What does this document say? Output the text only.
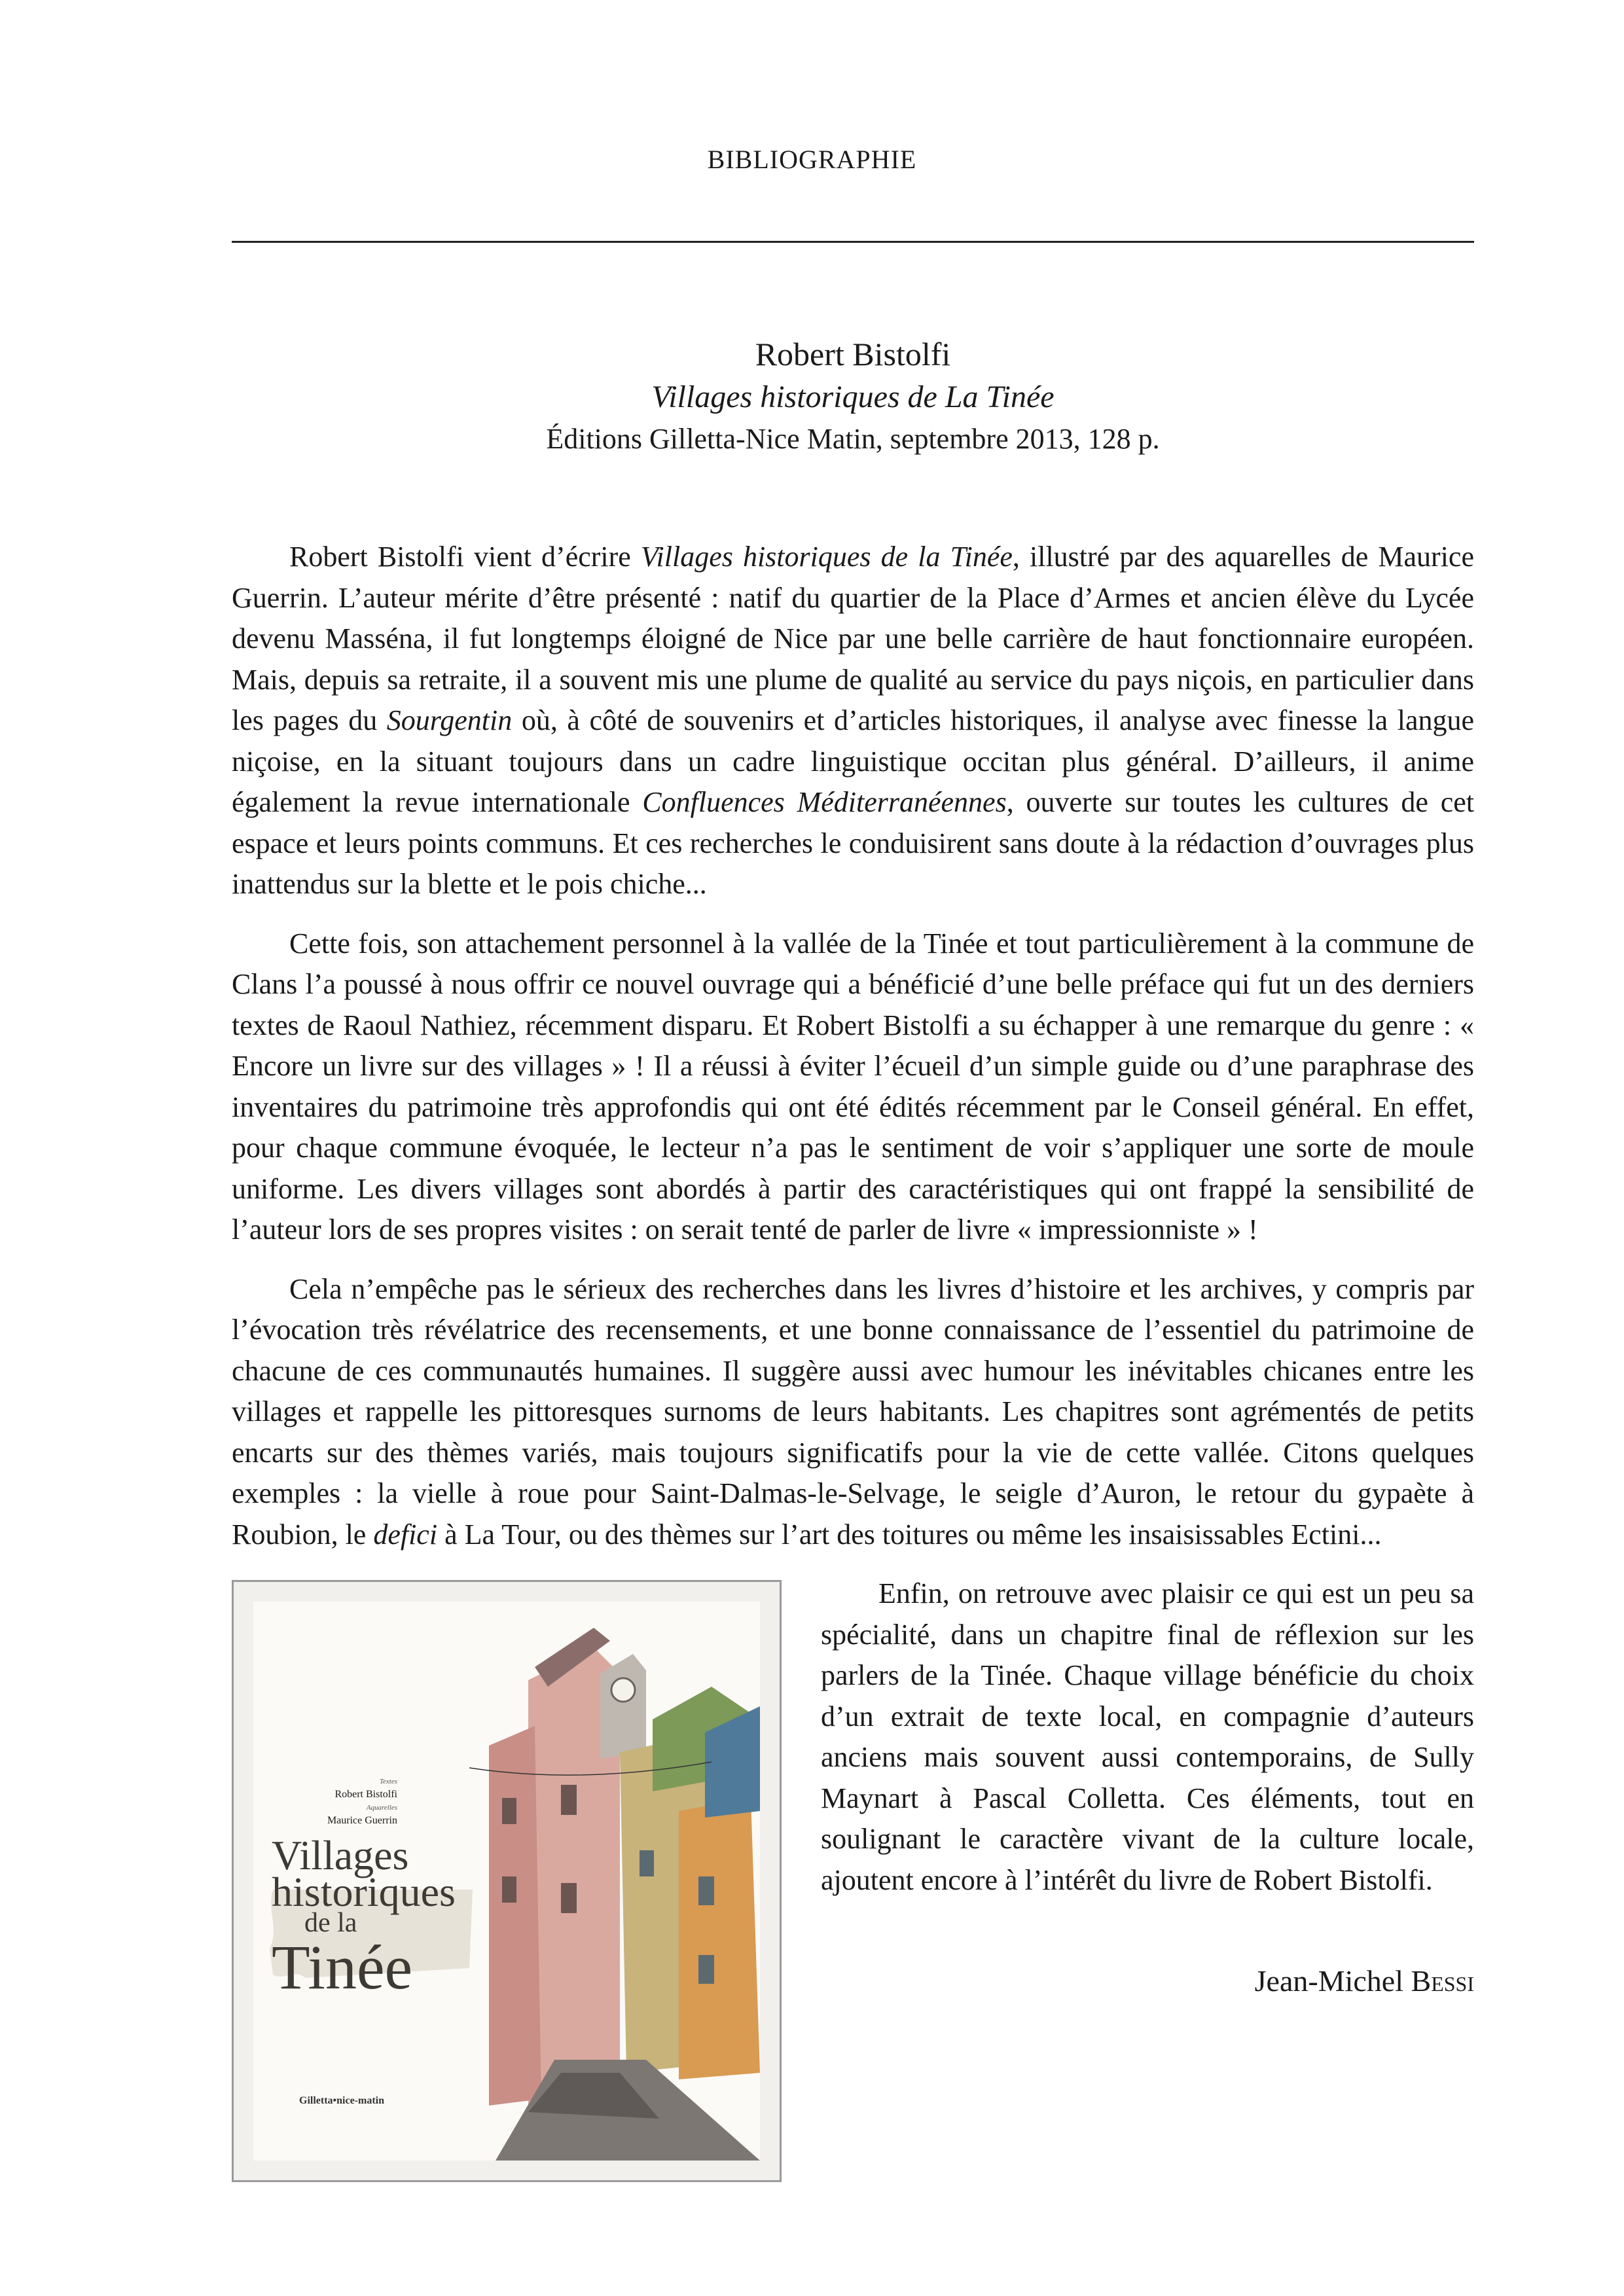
BIBLIOGRAPHIE
Robert Bistolfi
Villages historiques de La Tinée
Éditions Gilletta-Nice Matin, septembre 2013, 128 p.

Robert Bistolfi vient d’écrire Villages historiques de la Tinée, illustré par des aquarelles de Maurice Guerrin. L’auteur mérite d’être présenté : natif du quartier de la Place d’Armes et ancien élève du Lycée devenu Masséna, il fut longtemps éloigné de Nice par une belle carrière de haut fonctionnaire européen. Mais, depuis sa retraite, il a souvent mis une plume de qualité au service du pays niçois, en particulier dans les pages du Sourgentin où, à côté de souvenirs et d’articles historiques, il analyse avec finesse la langue niçoise, en la situant toujours dans un cadre linguistique occitan plus général. D’ailleurs, il anime également la revue internationale Confluences Méditerranéennes, ouverte sur toutes les cultures de cet espace et leurs points communs. Et ces recherches le conduisirent sans doute à la rédaction d’ouvrages plus inattendus sur la blette et le pois chiche...

Cette fois, son attachement personnel à la vallée de la Tinée et tout particulièrement à la commune de Clans l’a poussé à nous offrir ce nouvel ouvrage qui a bénéficié d’une belle préface qui fut un des derniers textes de Raoul Nathiez, récemment disparu. Et Robert Bistolfi a su échapper à une remarque du genre : « Encore un livre sur des villages » ! Il a réussi à éviter l’écueil d’un simple guide ou d’une paraphrase des inventaires du patrimoine très approfondis qui ont été édités récemment par le Conseil général. En effet, pour chaque commune évoquée, le lecteur n’a pas le sentiment de voir s’appliquer une sorte de moule uniforme. Les divers villages sont abordés à partir des caractéristiques qui ont frappé la sensibilité de l’auteur lors de ses propres visites : on serait tenté de parler de livre « impressionniste » !

Cela n’empêche pas le sérieux des recherches dans les livres d’histoire et les archives, y compris par l’évocation très révélatrice des recensements, et une bonne connaissance de l’essentiel du patrimoine de chacune de ces communautés humaines. Il suggère aussi avec humour les inévitables chicanes entre les villages et rappelle les pittoresques surnoms de leurs habitants. Les chapitres sont agrémentés de petits encarts sur des thèmes variés, mais toujours significatifs pour la vie de cette vallée. Citons quelques exemples : la vielle à roue pour Saint-Dalmas-le-Selvage, le seigle d’Auron, le retour du gypaète à Roubion, le defici à La Tour, ou des thèmes sur l’art des toitures ou même les insaisissables Ectini...

Textes
Robert Bistolfi
Aquarelles
Maurice Guerrin
Villages
historiques
de la
Tinée
Gilletta•nice-matin

Enfin, on retrouve avec plaisir ce qui est un peu sa spécialité, dans un chapitre final de réflexion sur les parlers de la Tinée. Chaque village bénéficie du choix d’un extrait de texte local, en compagnie d’auteurs anciens mais souvent aussi contemporains, de Sully Maynart à Pascal Colletta. Ces éléments, tout en soulignant le caractère vivant de la culture locale, ajoutent encore à l’intérêt du livre de Robert Bistolfi.

Jean-Michel Bessi
